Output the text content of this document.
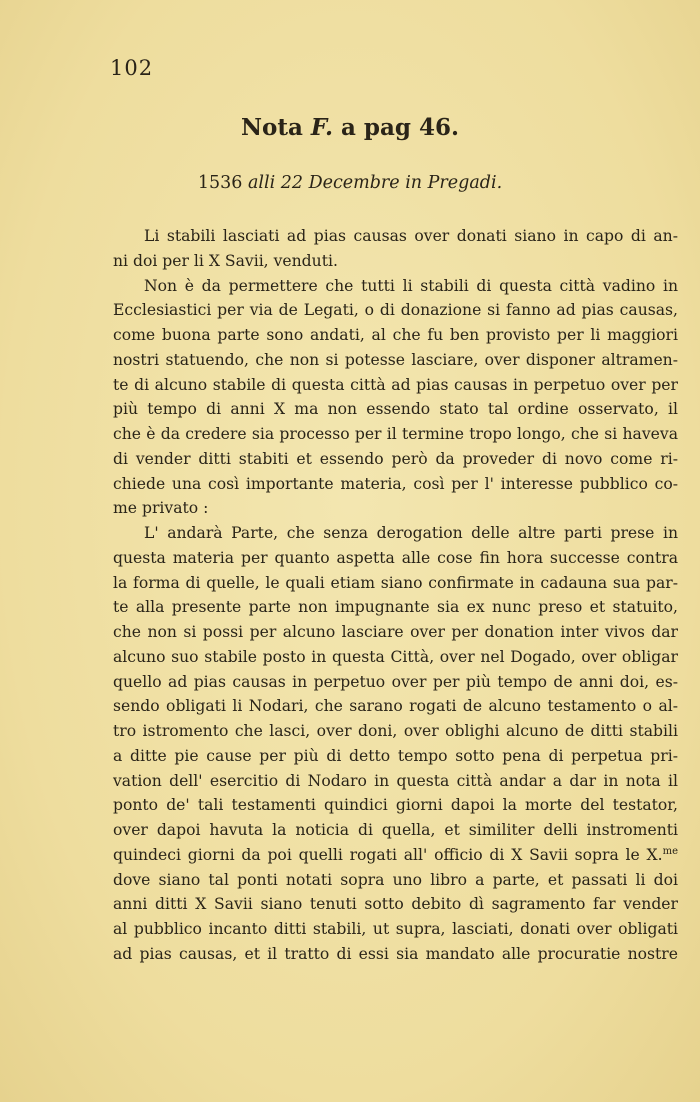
102
Nota F. a pag 46.
1536 alli 22 Decembre in Pregadi.
Li stabili lasciati ad pias causas over donati siano in capo di an-
ni doi per li X Savii, venduti.
Non è da permettere che tutti li stabili di questa città vadino in
Ecclesiastici per via de Legati, o di donazione si fanno ad pias causas,
come buona parte sono andati, al che fu ben provisto per li maggiori
nostri statuendo, che non si potesse lasciare, over disponer altramen-
te di alcuno stabile di questa città ad pias causas in perpetuo over per
più tempo di anni X ma non essendo stato tal ordine osservato, il
che è da credere sia processo per il termine tropo longo, che si haveva
di vender ditti stabiti et essendo però da proveder di novo come ri-
chiede una così importante materia, così per l' interesse pubblico co-
me privato :
L' andarà Parte, che senza derogation delle altre parti prese in
questa materia per quanto aspetta alle cose fin hora successe contra
la forma di quelle, le quali etiam siano confirmate in cadauna sua par-
te alla presente parte non impugnante sia ex nunc preso et statuito,
che non si possi per alcuno lasciare over per donation inter vivos dar
alcuno suo stabile posto in questa Città, over nel Dogado, over obligar
quello ad pias causas in perpetuo over per più tempo de anni doi, es-
sendo obligati li Nodari, che sarano rogati de alcuno testamento o al-
tro istromento che lasci, over doni, over oblighi alcuno de ditti stabili
a ditte pie cause per più di detto tempo sotto pena di perpetua pri-
vation dell' esercitio di Nodaro in questa città andar a dar in nota il
ponto de' tali testamenti quindici giorni dapoi la morte del testator,
over dapoi havuta la noticia di quella, et similiter delli instromenti
quindeci giorni da poi quelli rogati all' officio di X Savii sopra le X.$^{me}$
dove siano tal ponti notati sopra uno libro a parte, et passati li doi
anni ditti X Savii siano tenuti sotto debito dì sagramento far vender
al pubblico incanto ditti stabili, ut supra, lasciati, donati over obligati
ad pias causas, et il tratto di essi sia mandato alle procuratie nostre
